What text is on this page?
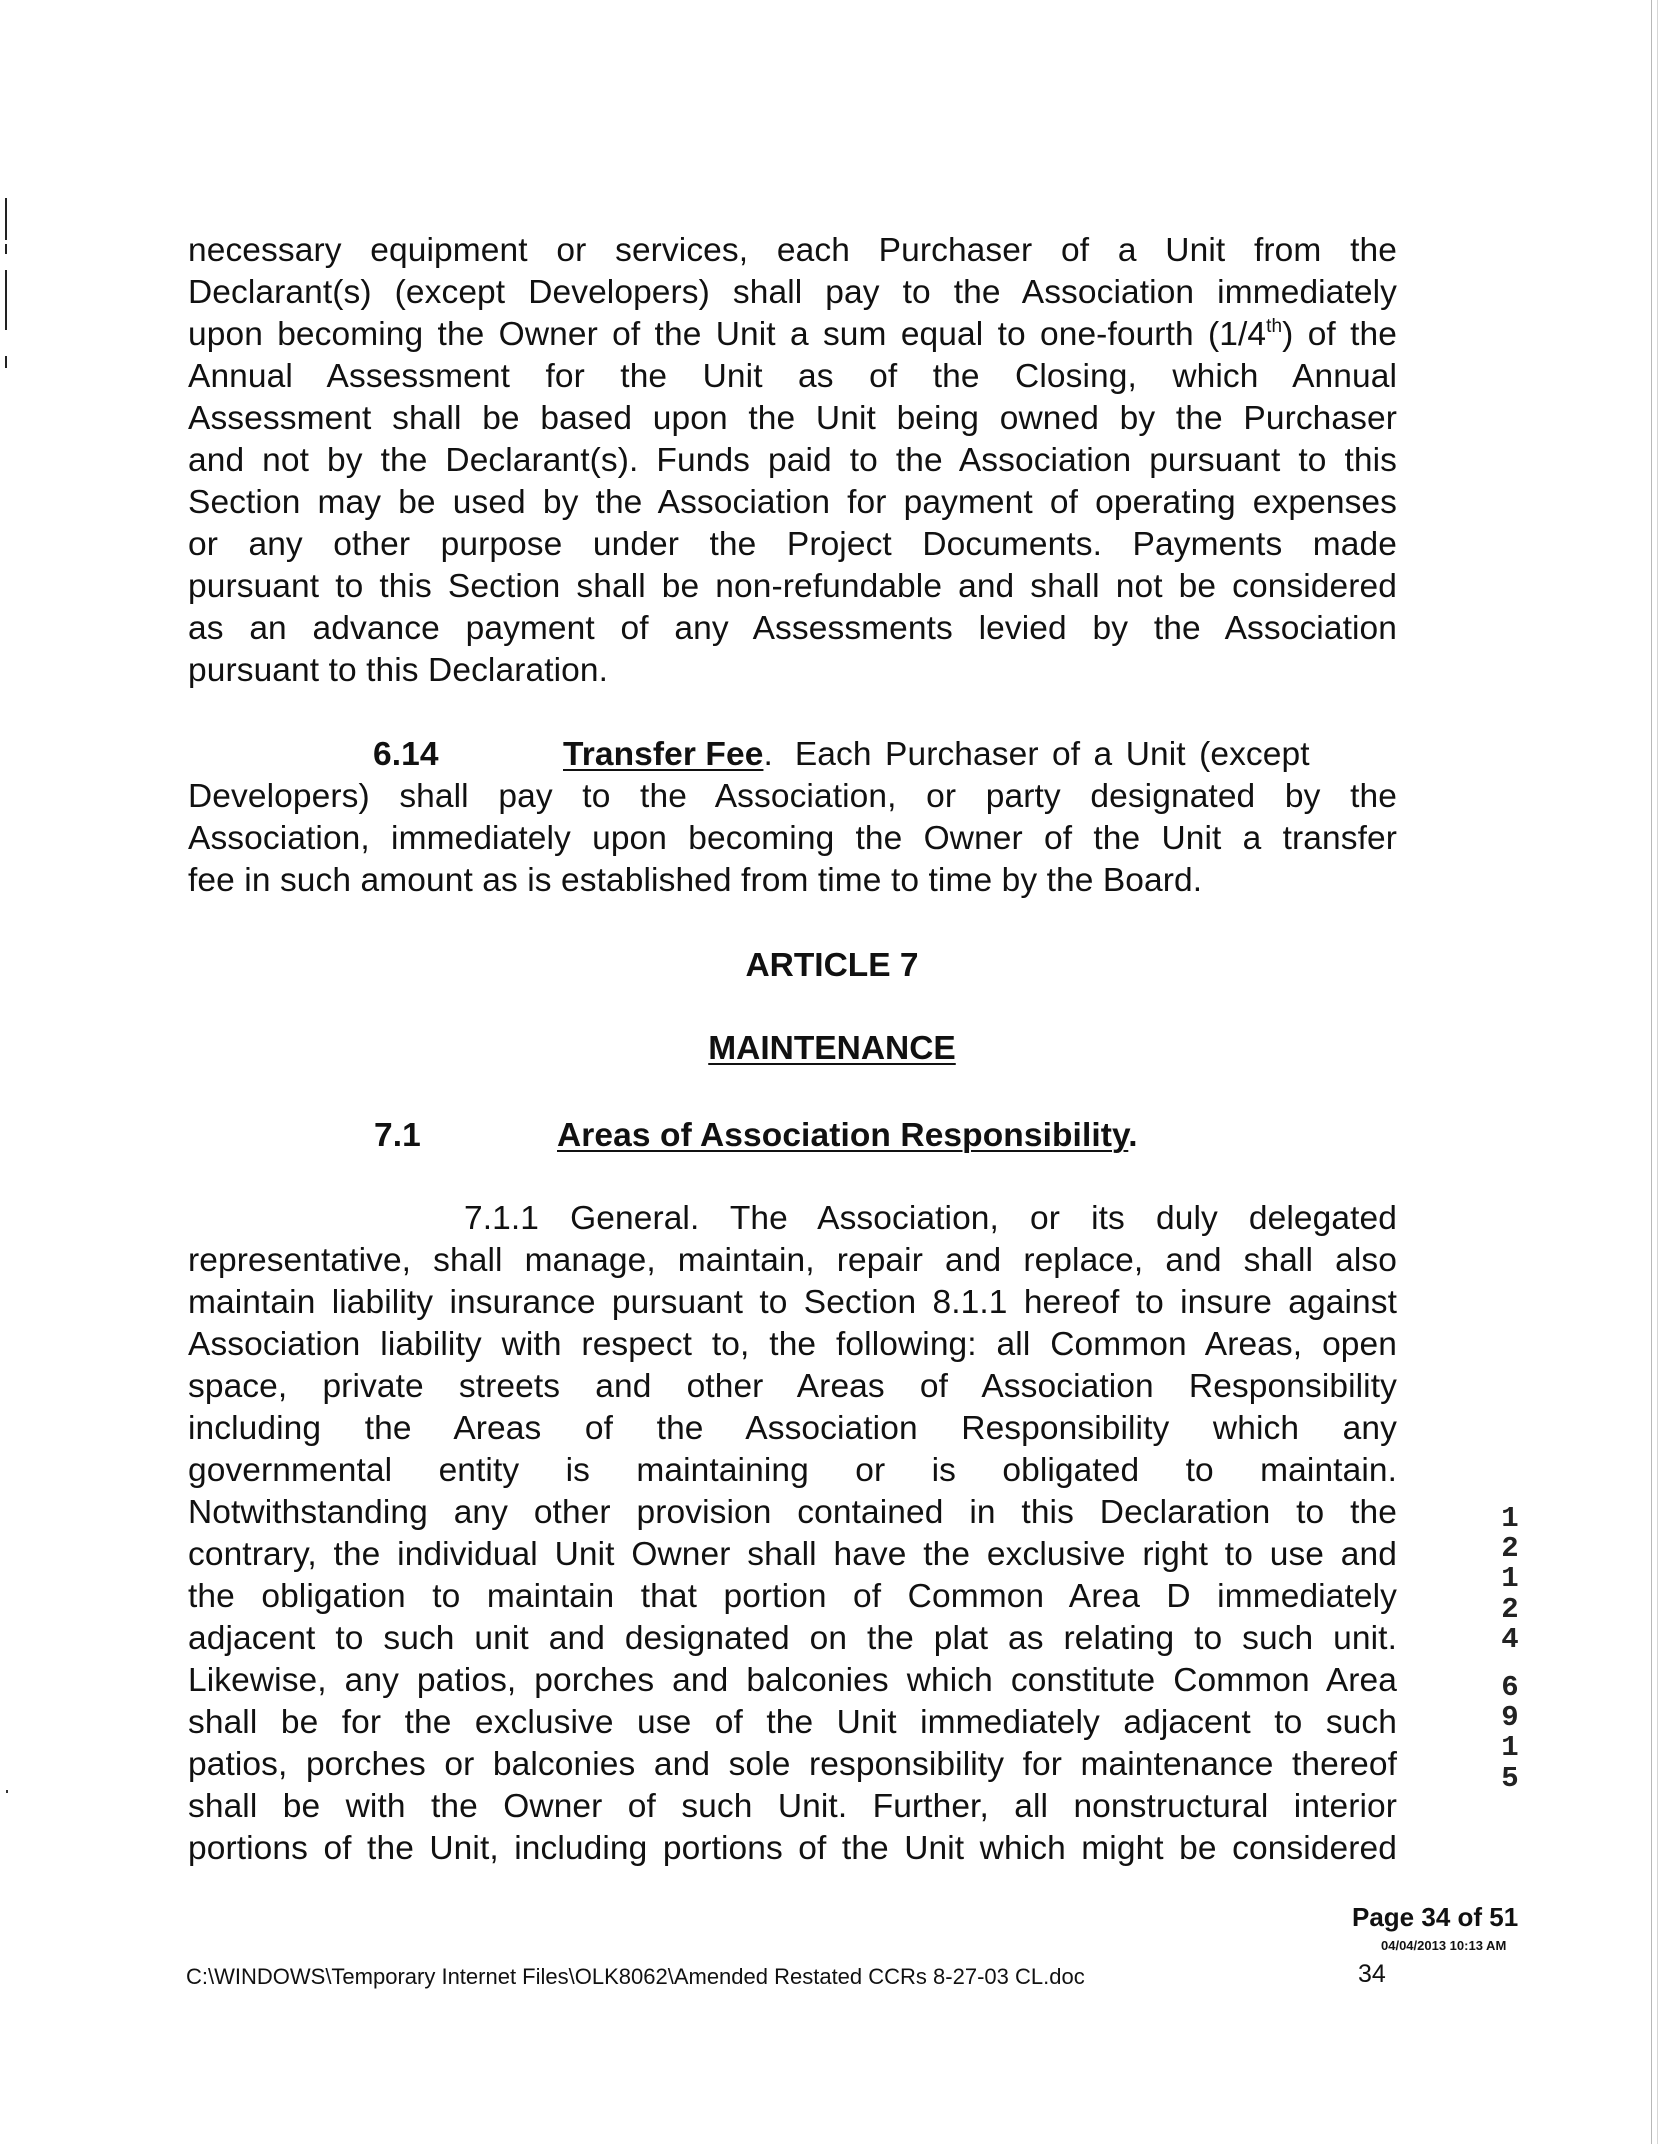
necessary equipment or services, each Purchaser of a Unit from the
Declarant(s) (except Developers) shall pay to the Association immediately
upon becoming the Owner of the Unit a sum equal to one-fourth (1/4th) of the
Annual Assessment for the Unit as of the Closing, which Annual
Assessment shall be based upon the Unit being owned by the Purchaser
and not by the Declarant(s). Funds paid to the Association pursuant to this
Section may be used by the Association for payment of operating expenses
or any other purpose under the Project Documents. Payments made
pursuant to this Section shall be non-refundable and shall not be considered
as an advance payment of any Assessments levied by the Association
pursuant to this Declaration.
6.14	Transfer Fee. Each Purchaser of a Unit (except
Developers) shall pay to the Association, or party designated by the
Association, immediately upon becoming the Owner of the Unit a transfer
fee in such amount as is established from time to time by the Board.
ARTICLE 7
MAINTENANCE
7.1	Areas of Association Responsibility.
7.1.1 General. The Association, or its duly delegated
representative, shall manage, maintain, repair and replace, and shall also
maintain liability insurance pursuant to Section 8.1.1 hereof to insure against
Association liability with respect to, the following: all Common Areas, open
space, private streets and other Areas of Association Responsibility
including the Areas of the Association Responsibility which any
governmental entity is maintaining or is obligated to maintain.
Notwithstanding any other provision contained in this Declaration to the
contrary, the individual Unit Owner shall have the exclusive right to use and
the obligation to maintain that portion of Common Area D immediately
adjacent to such unit and designated on the plat as relating to such unit.
Likewise, any patios, porches and balconies which constitute Common Area
shall be for the exclusive use of the Unit immediately adjacent to such
patios, porches or balconies and sole responsibility for maintenance thereof
shall be with the Owner of such Unit. Further, all nonstructural interior
portions of the Unit, including portions of the Unit which might be considered
1
2
1
2
4
6
9
1
5
Page 34 of 51
04/04/2013 10:13 AM
C:\WINDOWS\Temporary Internet Files\OLK8062\Amended Restated CCRs 8-27-03 CL.doc	34
